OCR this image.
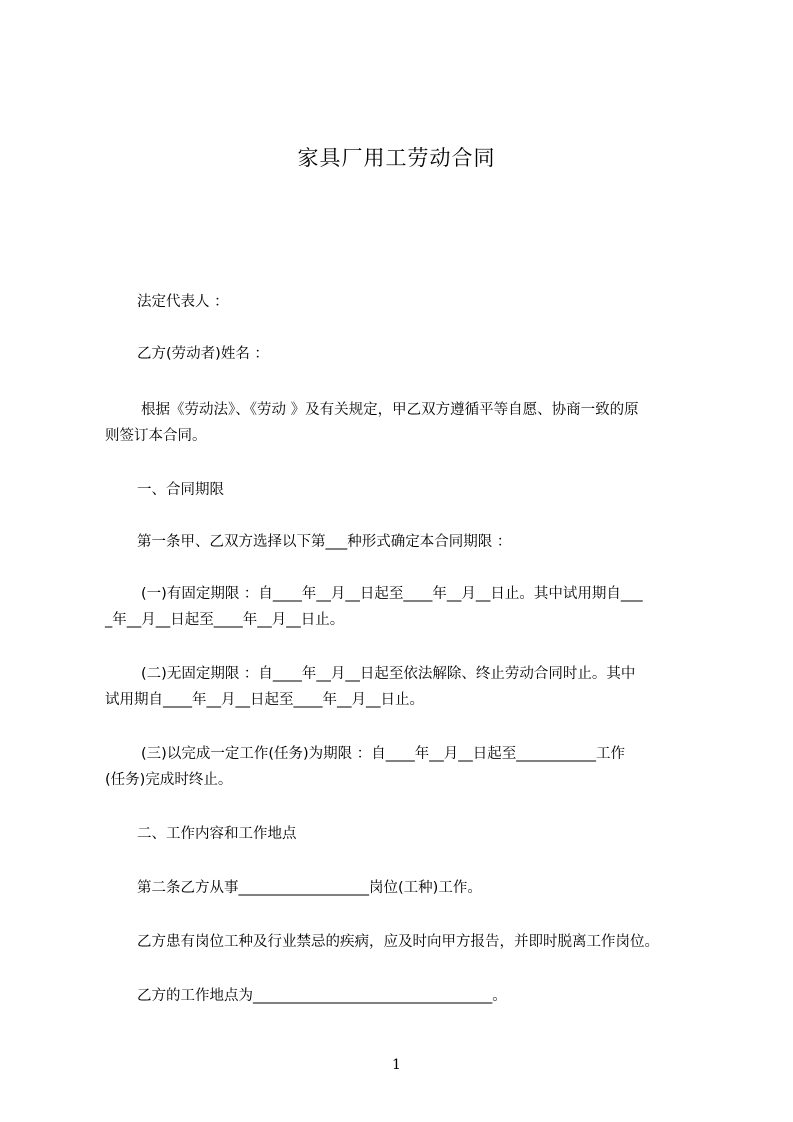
家具厂用工劳动合同
法定代表人 ：
乙方(劳动者)姓名 ：
根据《劳动法》、《劳动 》及有关规定，甲乙双方遵循平等自愿、协商一致的原
则签订本合同。
一、合同期限
第一条甲、乙双方选择以下第___种形式确定本合同期限 ：
(一)有固定期限 ：自____年__月__日起至____年__月__日止。其中试用期自___
_年__月__日起至____年__月__日止。
(二)无固定期限 ：自____年__月__日起至依法解除、终止劳动合同时止。其中
试用期自____年__月__日起至____年__月__日止。
(三)以完成一定工作(任务)为期限 ：自____年__月__日起至___________工作
(任务)完成时终止。
二、工作内容和工作地点
第二条乙方从事__________________岗位(工种)工作。
乙方患有岗位工种及行业禁忌的疾病，应及时向甲方报告，并即时脱离工作岗位。
乙方的工作地点为_________________________________。
1
